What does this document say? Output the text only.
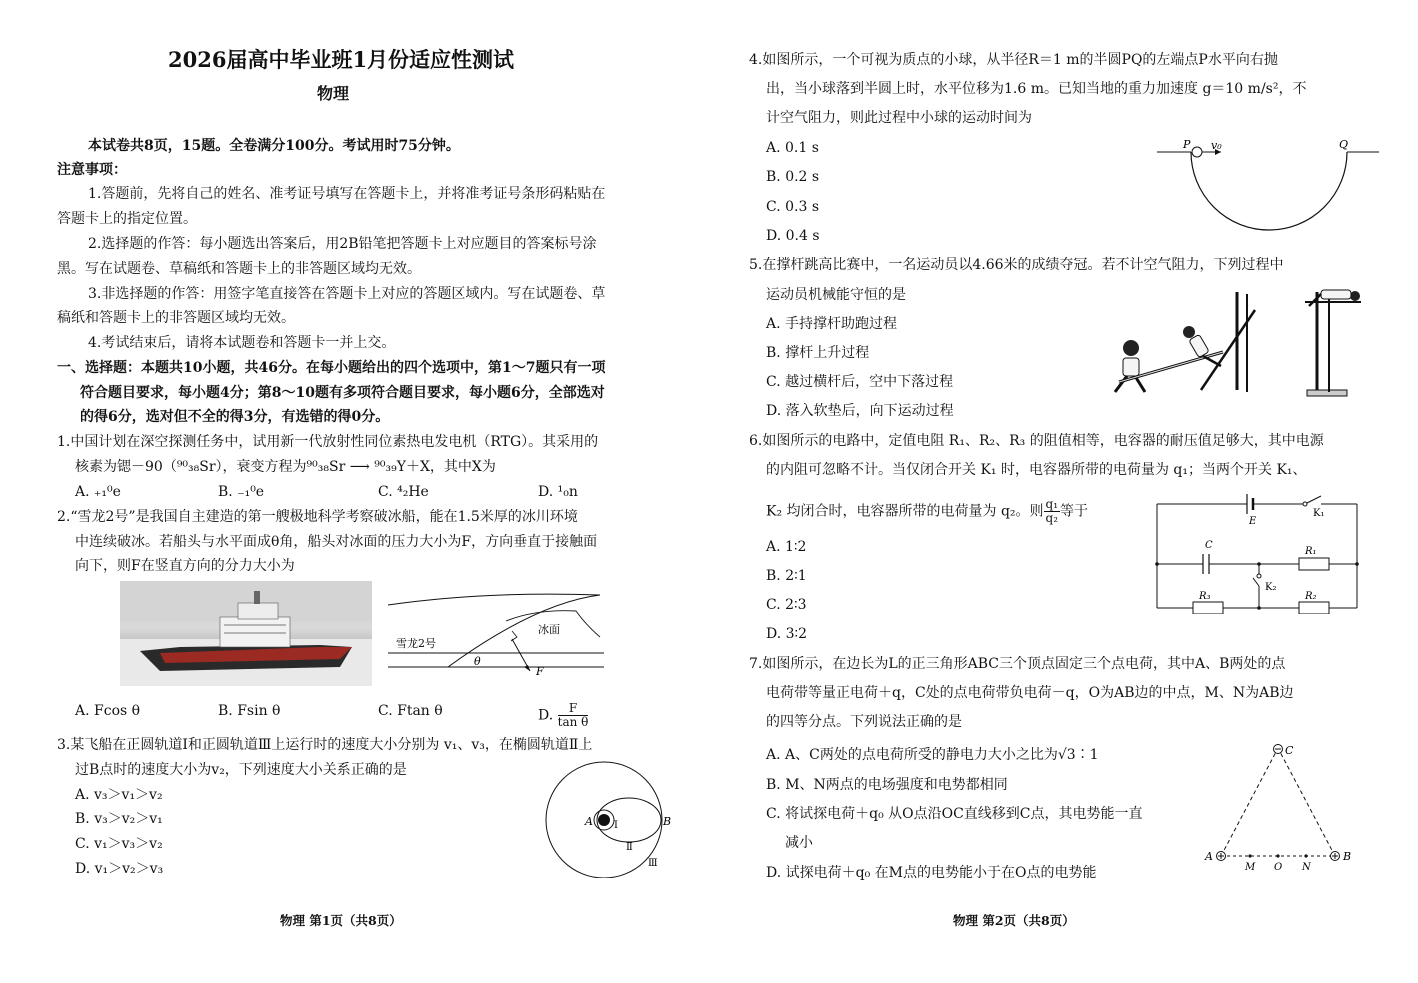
2026届高中毕业班1月份适应性测试
物理
本试卷共8页，15题。全卷满分100分。考试用时75分钟。
注意事项：
1.答题前，先将自己的姓名、准考证号填写在答题卡上，并将准考证号条形码粘贴在
答题卡上的指定位置。
2.选择题的作答：每小题选出答案后，用2B铅笔把答题卡上对应题目的答案标号涂
黑。写在试题卷、草稿纸和答题卡上的非答题区域均无效。
3.非选择题的作答：用签字笔直接答在答题卡上对应的答题区域内。写在试题卷、草
稿纸和答题卡上的非答题区域均无效。
4.考试结束后，请将本试题卷和答题卡一并上交。
一、选择题：本题共10小题，共46分。在每小题给出的四个选项中，第1～7题只有一项
符合题目要求，每小题4分；第8～10题有多项符合题目要求，每小题6分，全部选对
的得6分，选对但不全的得3分，有选错的得0分。
1.中国计划在深空探测任务中，试用新一代放射性同位素热电发电机（RTG）。其采用的
核素为锶－90（⁹⁰₃₈Sr），衰变方程为⁹⁰₃₈Sr ⟶ ⁹⁰₃₉Y＋X，其中X为
A. ₊₁⁰e	B. ₋₁⁰e	C. ⁴₂He	D. ¹₀n
2.“雪龙2号”是我国自主建造的第一艘极地科学考察破冰船，能在1.5米厚的冰川环境
中连续破冰。若船头与水平面成θ角，船头对冰面的压力大小为F，方向垂直于接触面
向下，则F在竖直方向的分力大小为
雪龙2号
冰面
θ
F
A. Fcos θ	B. Fsin θ	C. Ftan θ	D. $\frac{F}{\text{tan θ}}$
3.某飞船在正圆轨道Ⅰ和正圆轨道Ⅲ上运行时的速度大小分别为 v₁、v₃，在椭圆轨道Ⅱ上
过B点时的速度大小为v₂，下列速度大小关系正确的是
A. v₃＞v₁＞v₂
B. v₃＞v₂＞v₁
C. v₁＞v₃＞v₂
D. v₁＞v₂＞v₃
A	B
Ⅰ
Ⅱ
Ⅲ
物理 第1页（共8页）
4.如图所示，一个可视为质点的小球，从半径R＝1 m的半圆PQ的左端点P水平向右抛
出，当小球落到半圆上时，水平位移为1.6 m。已知当地的重力加速度 g＝10 m/s²，不
计空气阻力，则此过程中小球的运动时间为
A. 0.1 s
B. 0.2 s
C. 0.3 s
D. 0.4 s
P v₀	Q
5.在撑杆跳高比赛中，一名运动员以4.66米的成绩夺冠。若不计空气阻力，下列过程中
运动员机械能守恒的是
A. 手持撑杆助跑过程
B. 撑杆上升过程
C. 越过横杆后，空中下落过程
D. 落入软垫后，向下运动过程
6.如图所示的电路中，定值电阻 R₁、R₂、R₃ 的阻值相等，电容器的耐压值足够大，其中电源
的内阻可忽略不计。当仅闭合开关 K₁ 时，电容器所带的电荷量为 q₁；当两个开关 K₁、
K₂ 均闭合时，电容器所带的电荷量为 q₂。则 $\frac{\text{q₁}}{\text{q₂}}$ 等于
A. 1∶2
B. 2∶1
C. 2∶3
D. 3∶2
E
K₁
C
R₁
K₂
R₃	R₂
7.如图所示，在边长为L的正三角形ABC三个顶点固定三个点电荷，其中A、B两处的点
电荷带等量正电荷＋q，C处的点电荷带负电荷－q，O为AB边的中点，M、N为AB边
的四等分点。下列说法正确的是
A. A、C两处的点电荷所受的静电力大小之比为√3∶1
B. M、N两点的电场强度和电势都相同
C. 将试探电荷＋q₀ 从O点沿OC直线移到C点，其电势能一直
减小
D. 试探电荷＋q₀ 在M点的电势能小于在O点的电势能
C
A	B
M O N
物理 第2页（共8页）
